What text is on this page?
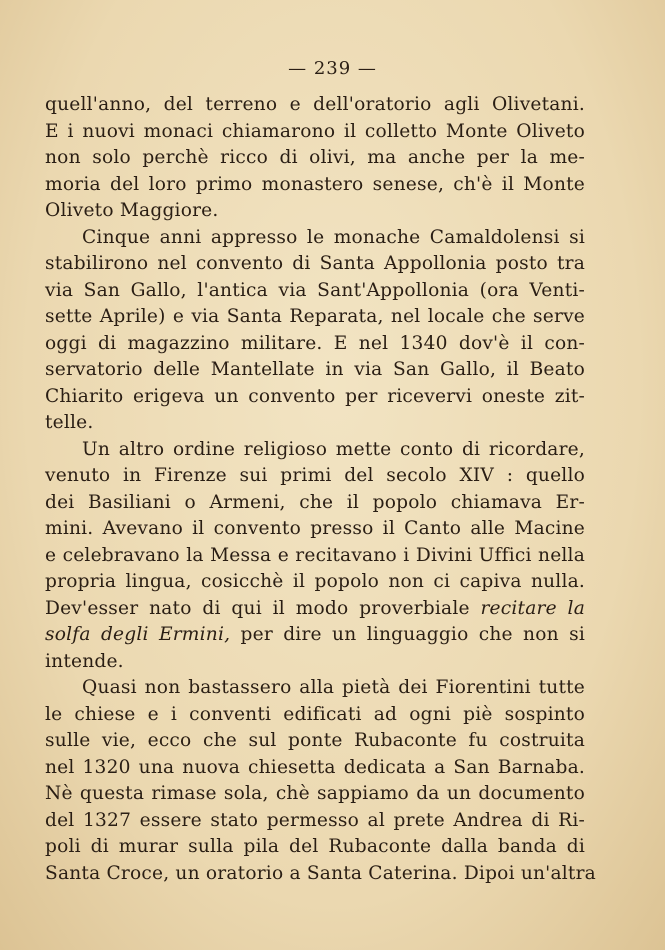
— 239 —
quell'anno, del terreno e dell'oratorio agli Olivetani.
E i nuovi monaci chiamarono il colletto Monte Oliveto
non solo perchè ricco di olivi, ma anche per la me-
moria del loro primo monastero senese, ch'è il Monte
Oliveto Maggiore.
Cinque anni appresso le monache Camaldolensi si
stabilirono nel convento di Santa Appollonia posto tra
via San Gallo, l'antica via Sant'Appollonia (ora Venti-
sette Aprile) e via Santa Reparata, nel locale che serve
oggi di magazzino militare. E nel 1340 dov'è il con-
servatorio delle Mantellate in via San Gallo, il Beato
Chiarito erigeva un convento per ricevervi oneste zit-
telle.
Un altro ordine religioso mette conto di ricordare,
venuto in Firenze sui primi del secolo XIV : quello
dei Basiliani o Armeni, che il popolo chiamava Er-
mini. Avevano il convento presso il Canto alle Macine
e celebravano la Messa e recitavano i Divini Uffici nella
propria lingua, cosicchè il popolo non ci capiva nulla.
Dev'esser nato di qui il modo proverbiale recitare la
solfa degli Ermini, per dire un linguaggio che non si
intende.
Quasi non bastassero alla pietà dei Fiorentini tutte
le chiese e i conventi edificati ad ogni piè sospinto
sulle vie, ecco che sul ponte Rubaconte fu costruita
nel 1320 una nuova chiesetta dedicata a San Barnaba.
Nè questa rimase sola, chè sappiamo da un documento
del 1327 essere stato permesso al prete Andrea di Ri-
poli di murar sulla pila del Rubaconte dalla banda di
Santa Croce, un oratorio a Santa Caterina. Dipoi un'altra
